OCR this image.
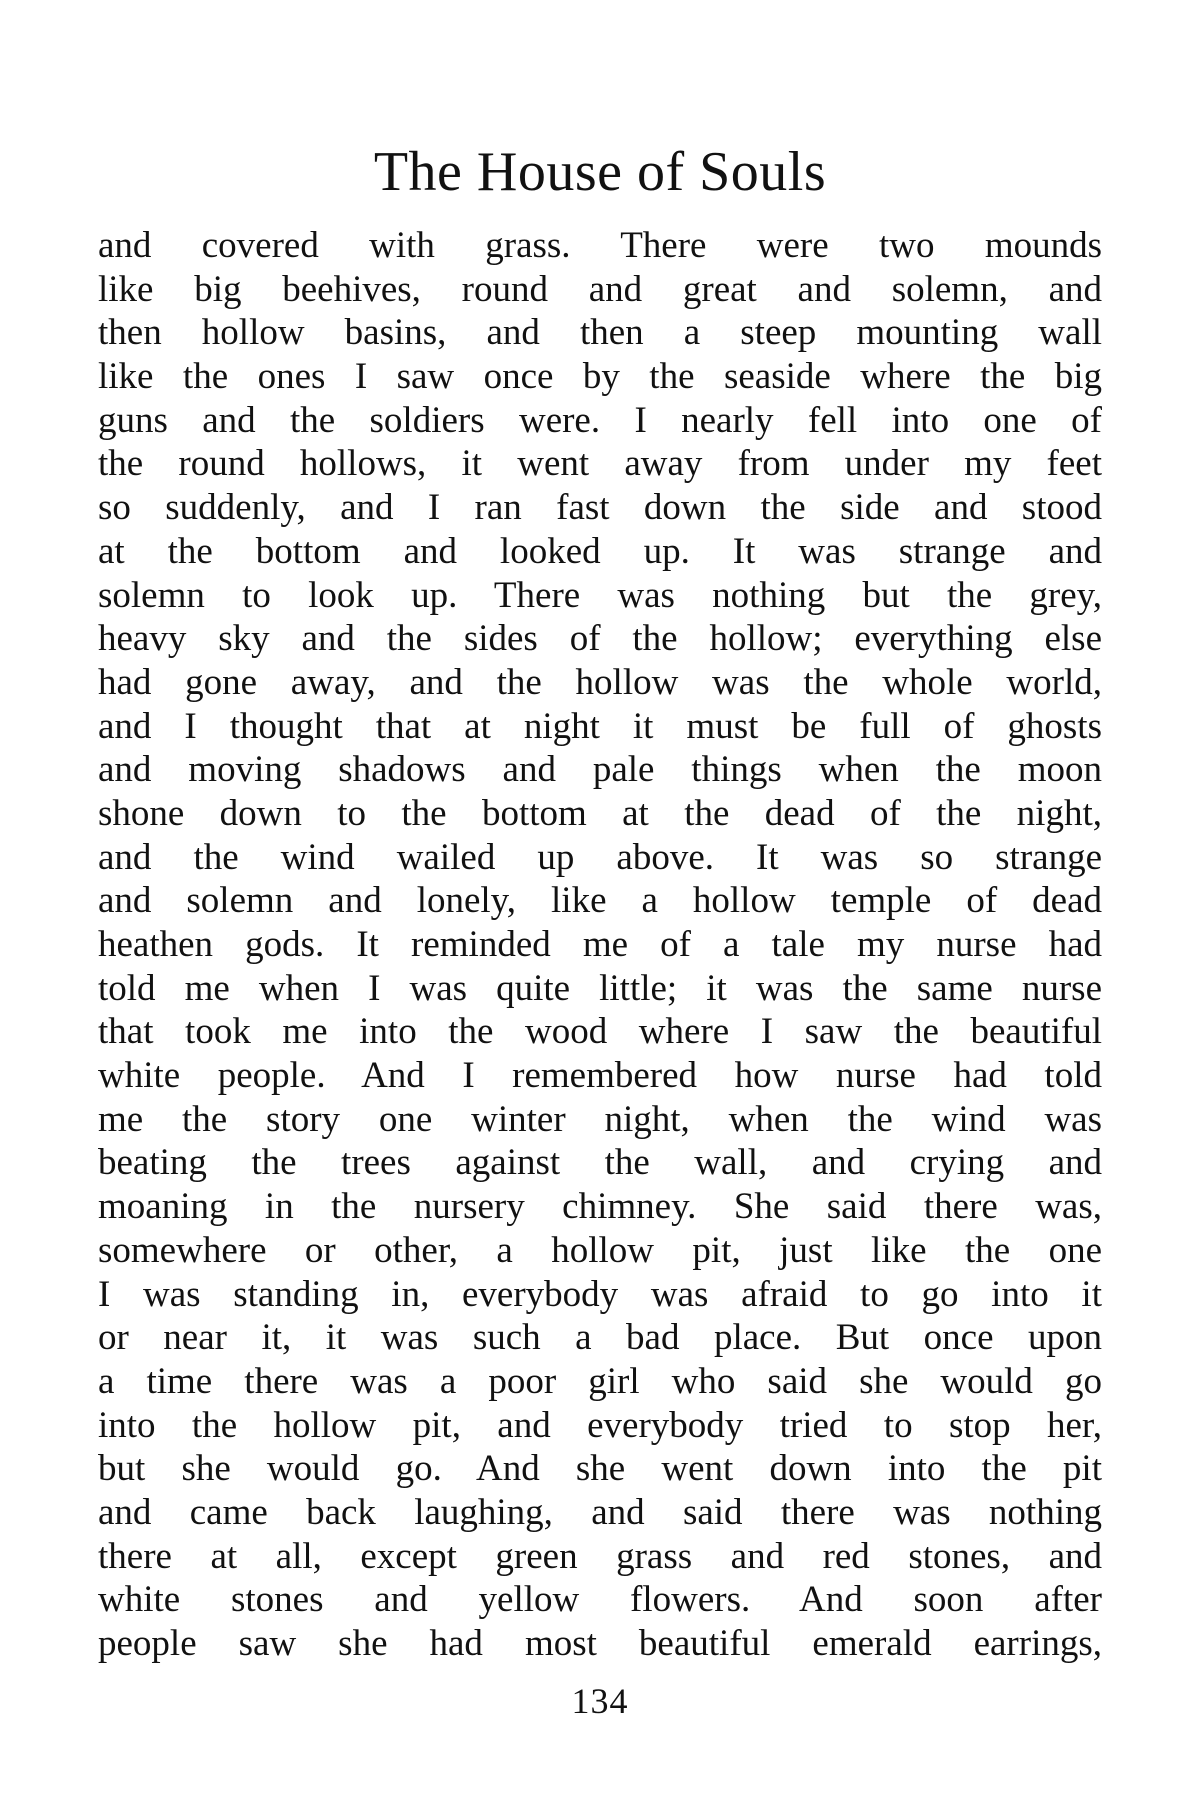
The House of Souls
and covered with grass. There were two mounds
like big beehives, round and great and solemn, and
then hollow basins, and then a steep mounting wall
like the ones I saw once by the seaside where the big
guns and the soldiers were. I nearly fell into one of
the round hollows, it went away from under my feet
so suddenly, and I ran fast down the side and stood
at the bottom and looked up. It was strange and
solemn to look up. There was nothing but the grey,
heavy sky and the sides of the hollow; everything else
had gone away, and the hollow was the whole world,
and I thought that at night it must be full of ghosts
and moving shadows and pale things when the moon
shone down to the bottom at the dead of the night,
and the wind wailed up above. It was so strange
and solemn and lonely, like a hollow temple of dead
heathen gods. It reminded me of a tale my nurse had
told me when I was quite little; it was the same nurse
that took me into the wood where I saw the beautiful
white people. And I remembered how nurse had told
me the story one winter night, when the wind was
beating the trees against the wall, and crying and
moaning in the nursery chimney. She said there was,
somewhere or other, a hollow pit, just like the one
I was standing in, everybody was afraid to go into it
or near it, it was such a bad place. But once upon
a time there was a poor girl who said she would go
into the hollow pit, and everybody tried to stop her,
but she would go. And she went down into the pit
and came back laughing, and said there was nothing
there at all, except green grass and red stones, and
white stones and yellow flowers. And soon after
people saw she had most beautiful emerald earrings,
134
